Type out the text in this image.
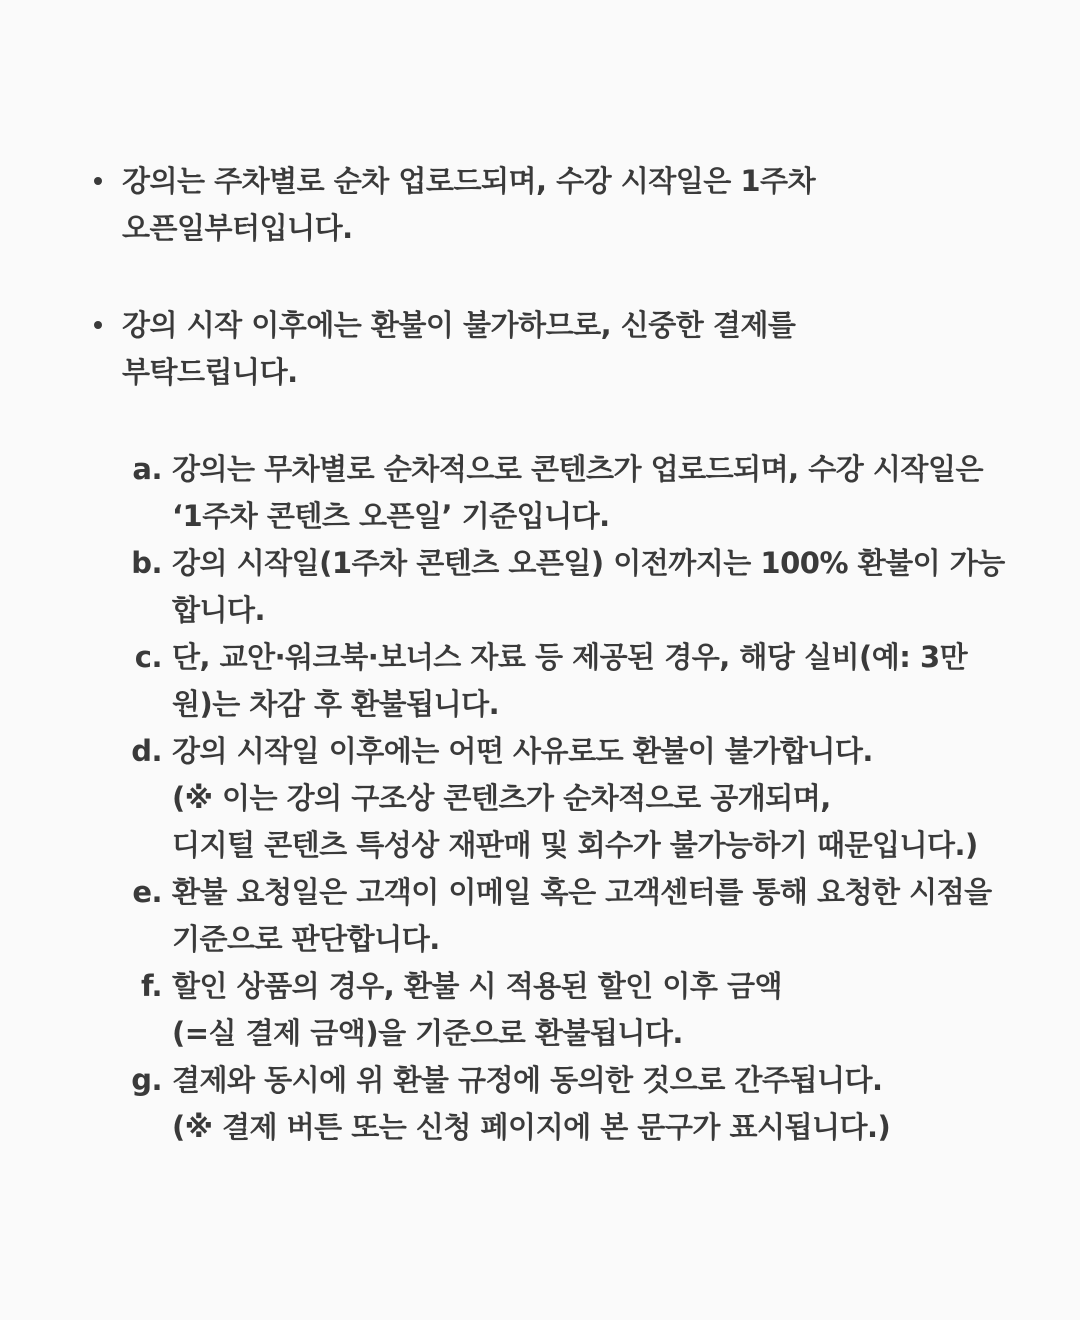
강의는 주차별로 순차 업로드되며, 수강 시작일은 1주차
오픈일부터입니다.
강의 시작 이후에는 환불이 불가하므로, 신중한 결제를
부탁드립니다.
a. 강의는 무차별로 순차적으로 콘텐츠가 업로드되며, 수강 시작일은
‘1주차 콘텐츠 오픈일’ 기준입니다.
b. 강의 시작일(1주차 콘텐츠 오픈일) 이전까지는 100% 환불이 가능
합니다.
c. 단, 교안·워크북·보너스 자료 등 제공된 경우, 해당 실비(예: 3만
원)는 차감 후 환불됩니다.
d. 강의 시작일 이후에는 어떤 사유로도 환불이 불가합니다.
(※ 이는 강의 구조상 콘텐츠가 순차적으로 공개되며,
디지털 콘텐츠 특성상 재판매 및 회수가 불가능하기 때문입니다.)
e. 환불 요청일은 고객이 이메일 혹은 고객센터를 통해 요청한 시점을
기준으로 판단합니다.
f. 할인 상품의 경우, 환불 시 적용된 할인 이후 금액
(=실 결제 금액)을 기준으로 환불됩니다.
g. 결제와 동시에 위 환불 규정에 동의한 것으로 간주됩니다.
(※ 결제 버튼 또는 신청 페이지에 본 문구가 표시됩니다.)
